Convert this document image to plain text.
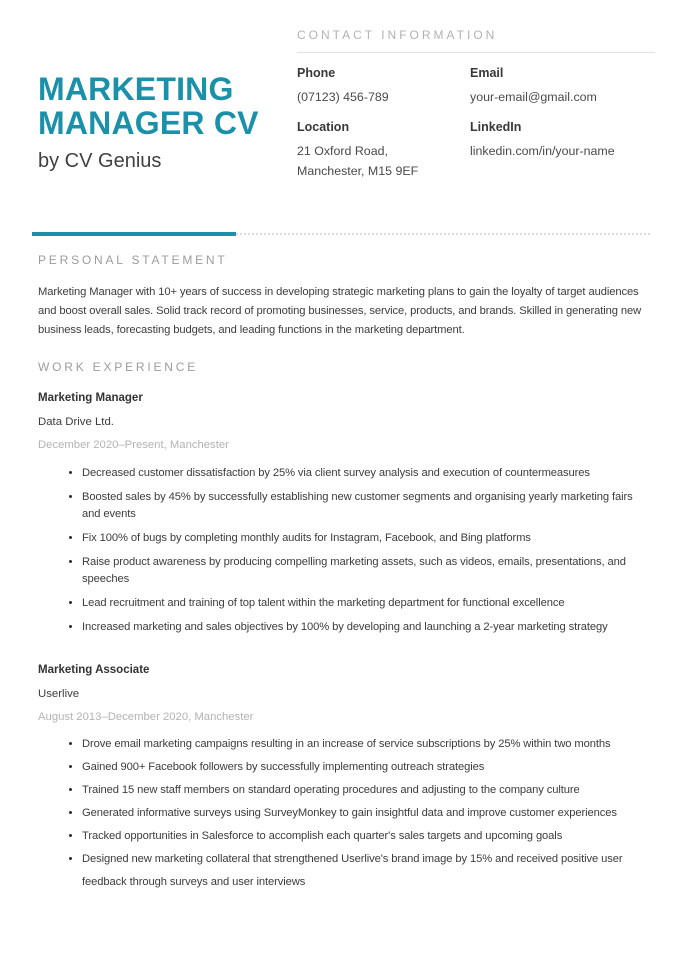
MARKETING
MANAGER CV
by CV Genius
CONTACT INFORMATION
Phone
(07123) 456-789
Email
your-email@gmail.com
Location
21 Oxford Road,
Manchester, M15 9EF
LinkedIn
linkedin.com/in/your-name
PERSONAL STATEMENT

Marketing Manager with 10+ years of success in developing strategic marketing plans to gain the loyalty of target audiences and boost overall sales. Solid track record of promoting businesses, service, products, and brands. Skilled in generating new business leads, forecasting budgets, and leading functions in the marketing department.

WORK EXPERIENCE
Marketing Manager
Data Drive Ltd.
December 2020–Present, Manchester
• Decreased customer dissatisfaction by 25% via client survey analysis and execution of countermeasures
• Boosted sales by 45% by successfully establishing new customer segments and organising yearly marketing fairs and events
• Fix 100% of bugs by completing monthly audits for Instagram, Facebook, and Bing platforms
• Raise product awareness by producing compelling marketing assets, such as videos, emails, presentations, and speeches
• Lead recruitment and training of top talent within the marketing department for functional excellence
• Increased marketing and sales objectives by 100% by developing and launching a 2-year marketing strategy
Marketing Associate
Userlive
August 2013–December 2020, Manchester
• Drove email marketing campaigns resulting in an increase of service subscriptions by 25% within two months
• Gained 900+ Facebook followers by successfully implementing outreach strategies
• Trained 15 new staff members on standard operating procedures and adjusting to the company culture
• Generated informative surveys using SurveyMonkey to gain insightful data and improve customer experiences
• Tracked opportunities in Salesforce to accomplish each quarter's sales targets and upcoming goals
• Designed new marketing collateral that strengthened Userlive's brand image by 15% and received positive user feedback through surveys and user interviews
